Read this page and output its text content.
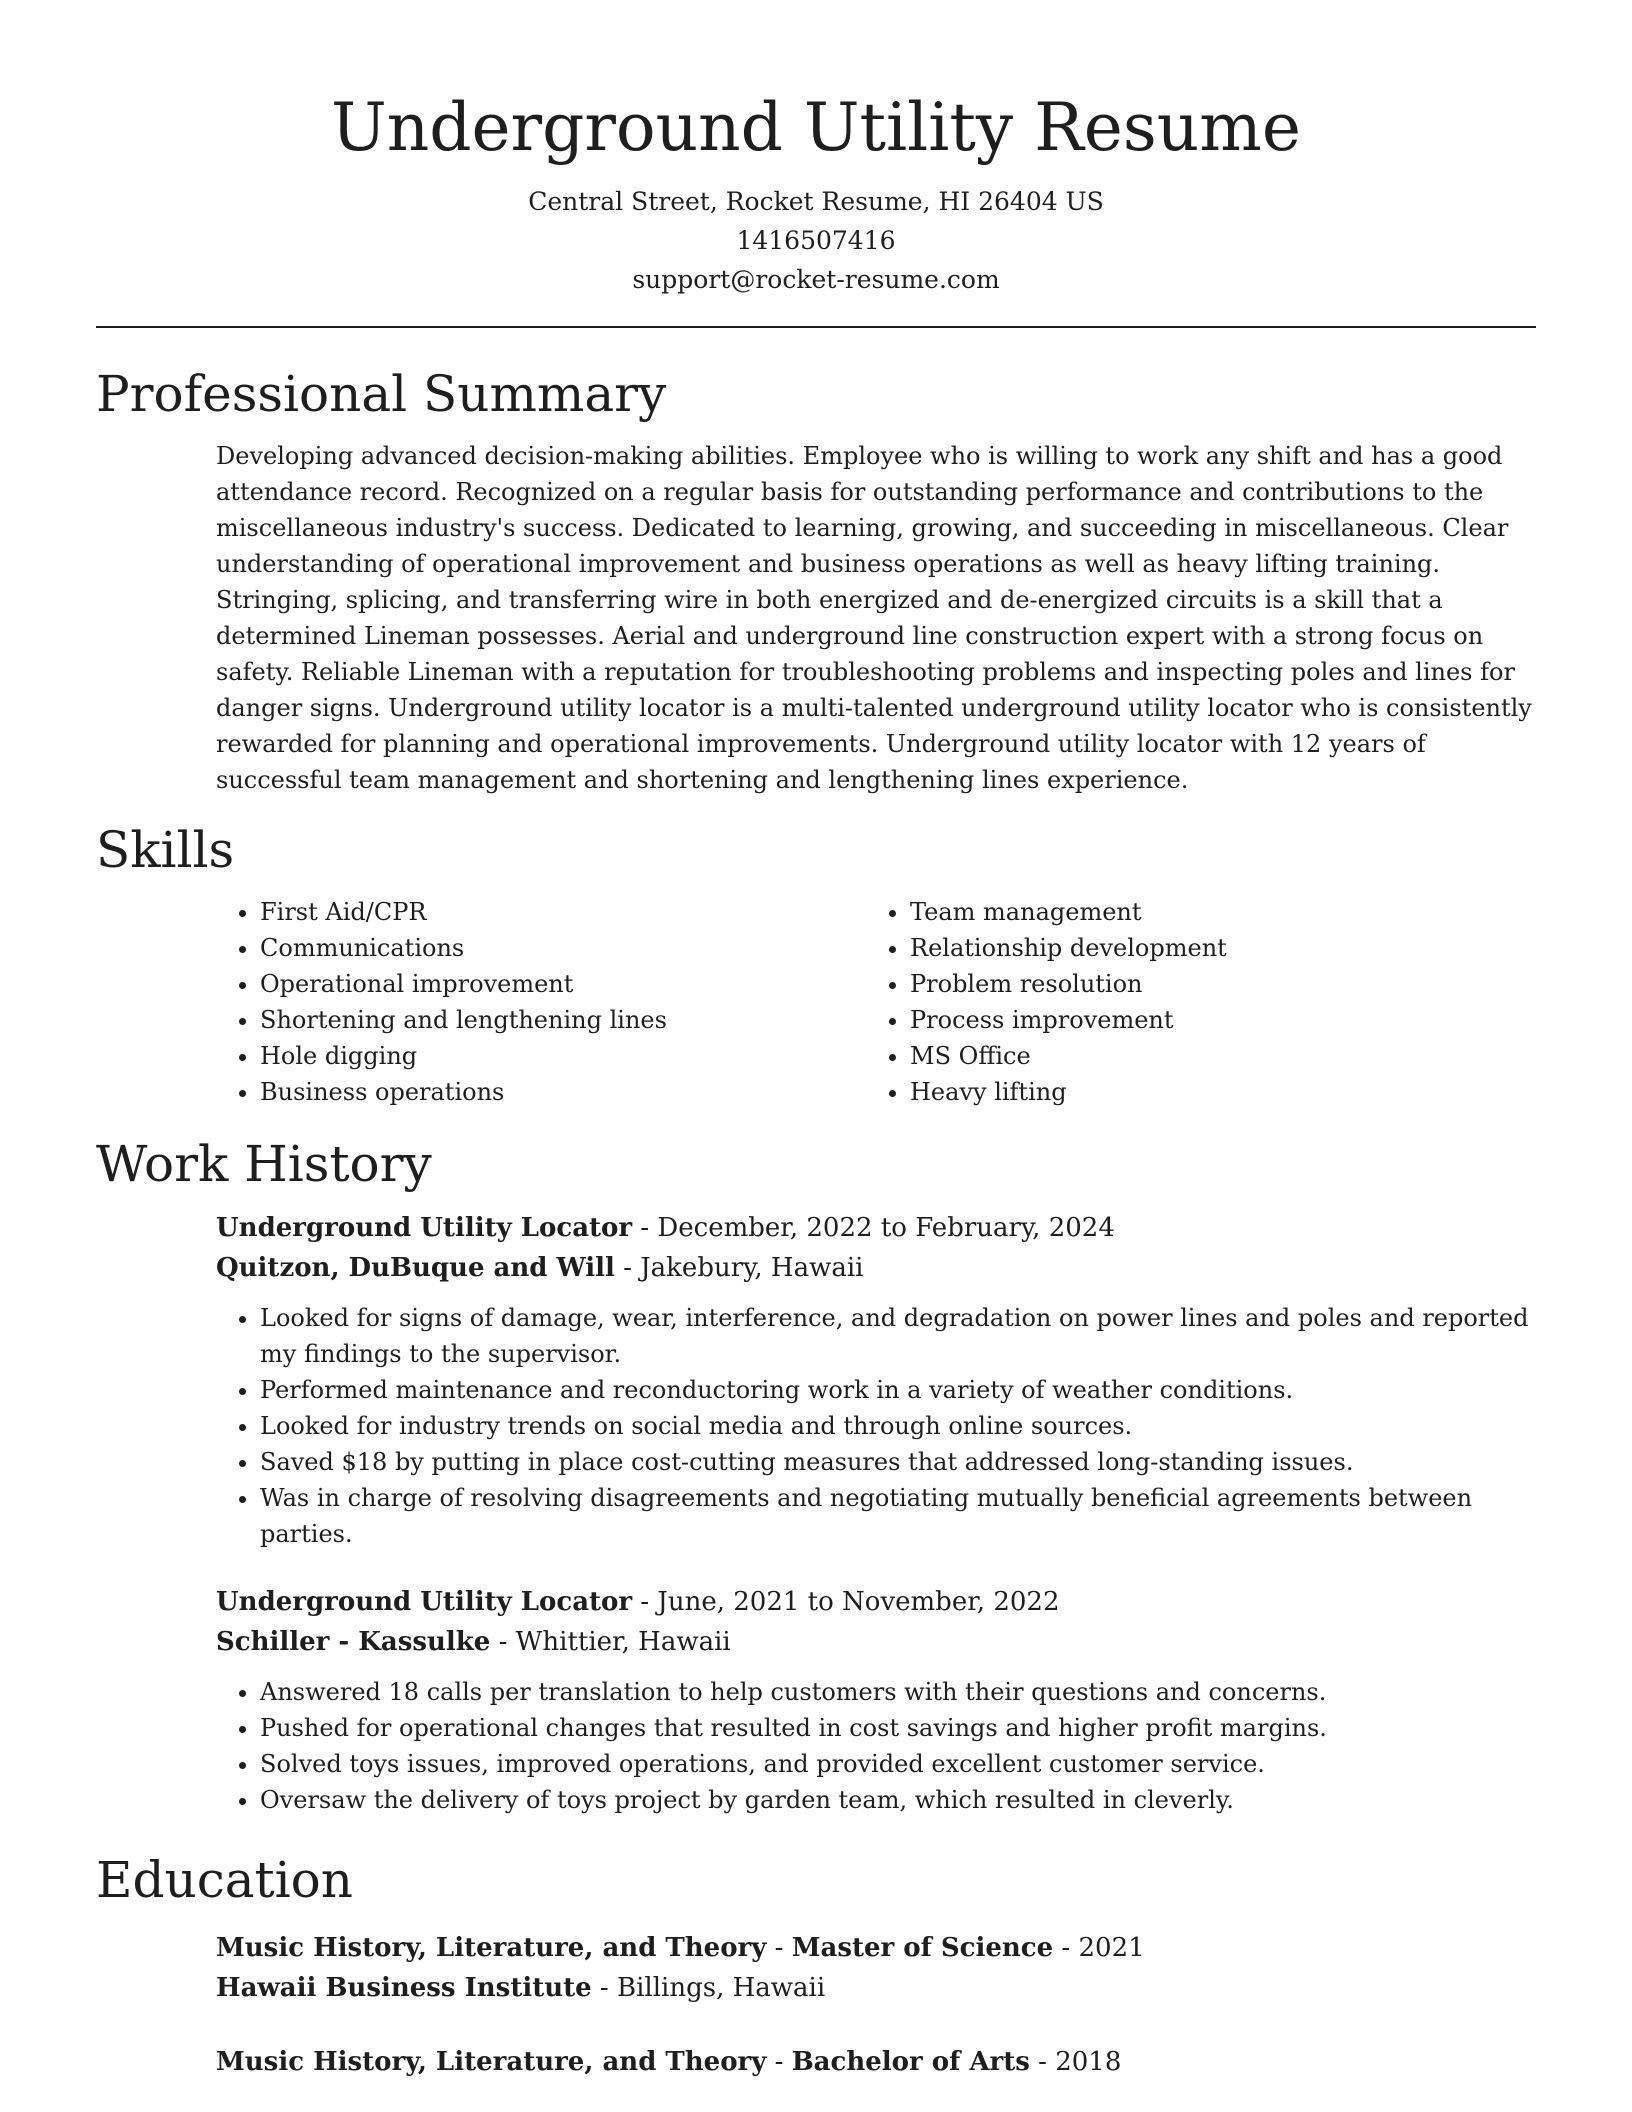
Underground Utility Resume

Central Street, Rocket Resume, HI 26404 US

1416507416

support@rocket-resume.com

Professional Summary

Developing advanced decision-making abilities. Employee who is willing to work any shift and has a good attendance record. Recognized on a regular basis for outstanding performance and contributions to the miscellaneous industry's success. Dedicated to learning, growing, and succeeding in miscellaneous. Clear understanding of operational improvement and business operations as well as heavy lifting training. Stringing, splicing, and transferring wire in both energized and de-energized circuits is a skill that a determined Lineman possesses. Aerial and underground line construction expert with a strong focus on safety. Reliable Lineman with a reputation for troubleshooting problems and inspecting poles and lines for danger signs. Underground utility locator is a multi-talented underground utility locator who is consistently rewarded for planning and operational improvements. Underground utility locator with 12 years of successful team management and shortening and lengthening lines experience.

Skills
• First Aid/CPR
• Communications
• Operational improvement
• Shortening and lengthening lines
• Hole digging
• Business operations
• Team management
• Relationship development
• Problem resolution
• Process improvement
• MS Office
• Heavy lifting
Work History

Underground Utility Locator - December, 2022 to February, 2024

Quitzon, DuBuque and Will - Jakebury, Hawaii

• Looked for signs of damage, wear, interference, and degradation on power lines and poles and reported my findings to the supervisor.
• Performed maintenance and reconductoring work in a variety of weather conditions.
• Looked for industry trends on social media and through online sources.
• Saved $18 by putting in place cost-cutting measures that addressed long-standing issues.
• Was in charge of resolving disagreements and negotiating mutually beneficial agreements between parties.

Underground Utility Locator - June, 2021 to November, 2022

Schiller - Kassulke - Whittier, Hawaii

• Answered 18 calls per translation to help customers with their questions and concerns.
• Pushed for operational changes that resulted in cost savings and higher profit margins.
• Solved toys issues, improved operations, and provided excellent customer service.
• Oversaw the delivery of toys project by garden team, which resulted in cleverly.
Education

Music History, Literature, and Theory - Master of Science - 2021

Hawaii Business Institute - Billings, Hawaii

Music History, Literature, and Theory - Bachelor of Arts - 2018
